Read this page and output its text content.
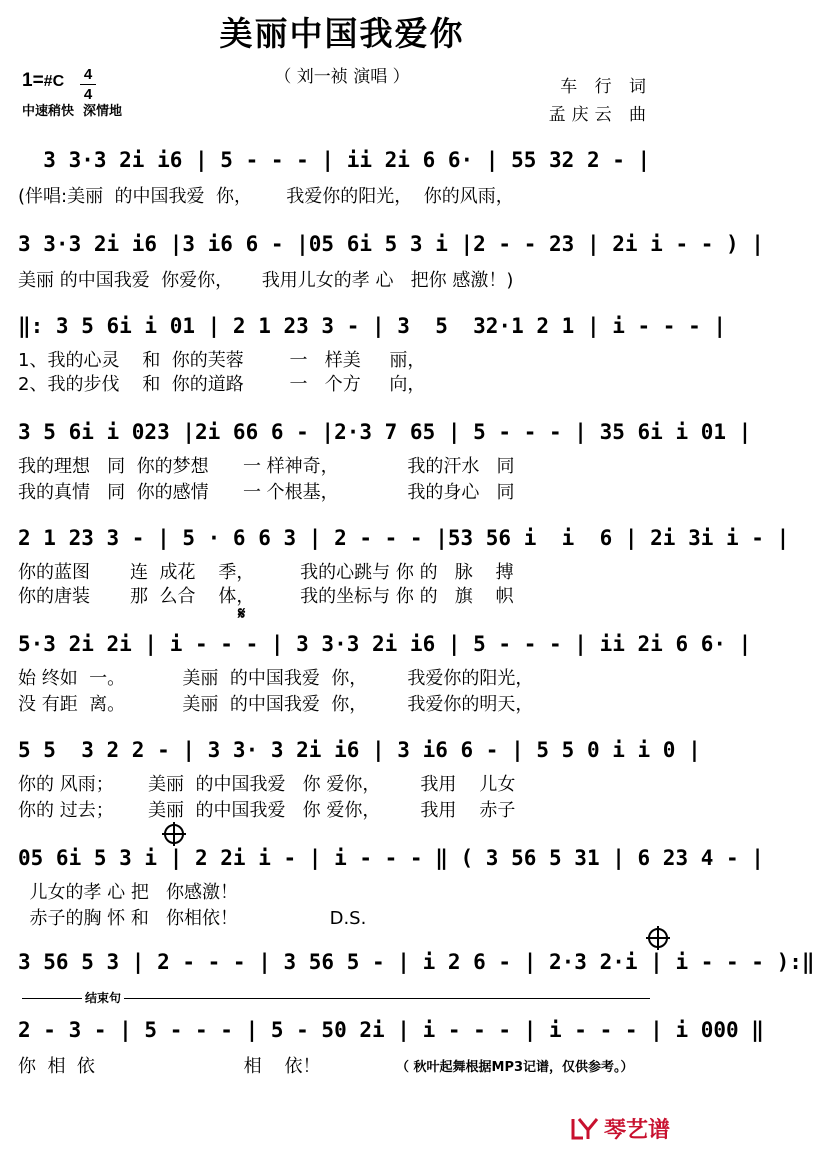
美丽中国我爱你
（ 刘一祯 演唱 ）
1=#C 4
4
中速稍快  深情地
车 行 词
孟庆云 曲
3 3·3 2i i6 | 5 - - - | ii 2i 6 6· | 55 32 2 - |
(伴唱:美丽  的中国我爱  你，      我爱你的阳光，  你的风雨，
3 3·3 2i i6 |3 i6 6 - |05 6i 5 3 i |2 - - 23 | 2i i - - ) |
美丽 的中国我爱  你爱你，     我用儿女的孝 心   把你 感激！)
‖: 3 5 6i i 01 | 2 1 23 3 - | 3  5  32·1 2 1 | i - - - |
1、我的心灵    和  你的芙蓉        一   样美     丽，
2、我的步伐    和  你的道路        一   个方     向，
3 5 6i i 023 |2i 66 6 - |2·3 7 65 | 5 - - - | 35 6i i 01 |
我的理想   同  你的梦想      一 样神奇，            我的汗水   同
我的真情   同  你的感情      一 个根基，            我的身心   同
2 1 23 3 - | 5 · 6 6 3 | 2 - - - |53 56 i  i  6 | 2i 3i i - |
你的蓝图       连  成花    季，        我的心跳与 你 的   脉    搏
你的唐装       那  么合    体，        我的坐标与 你 的   旗    帜
𝄋
5·3 2i 2i | i - - - | 3 3·3 2i i6 | 5 - - - | ii 2i 6 6· |
始 终如  一。          美丽  的中国我爱  你，       我爱你的阳光，
没 有距  离。          美丽  的中国我爱  你，       我爱你的明天，
5 5  3 2 2 - | 3 3· 3 2i i6 | 3 i6 6 - | 5 5 0 i i 0 |
你的 风雨；      美丽  的中国我爱   你 爱你，       我用    儿女
你的 过去；      美丽  的中国我爱   你 爱你，       我用    赤子
05 6i 5 3 i | 2 2i i - | i - - - ‖ ( 3 56 5 31 | 6 23 4 - |
儿女的孝 心 把   你感激！
赤子的胸 怀 和   你相依！                D.S.
3 56 5 3 | 2 - - - | 3 56 5 - | i 2 6 - | 2·3 2·i | i - - - ):‖
结束句
2 - 3 - | 5 - - - | 5 - 50 2i | i - - - | i - - - | i 000 ‖
你  相  依                          相    依！	（ 秋叶起舞根据MP3记谱，仅供参考。）
琴艺谱
